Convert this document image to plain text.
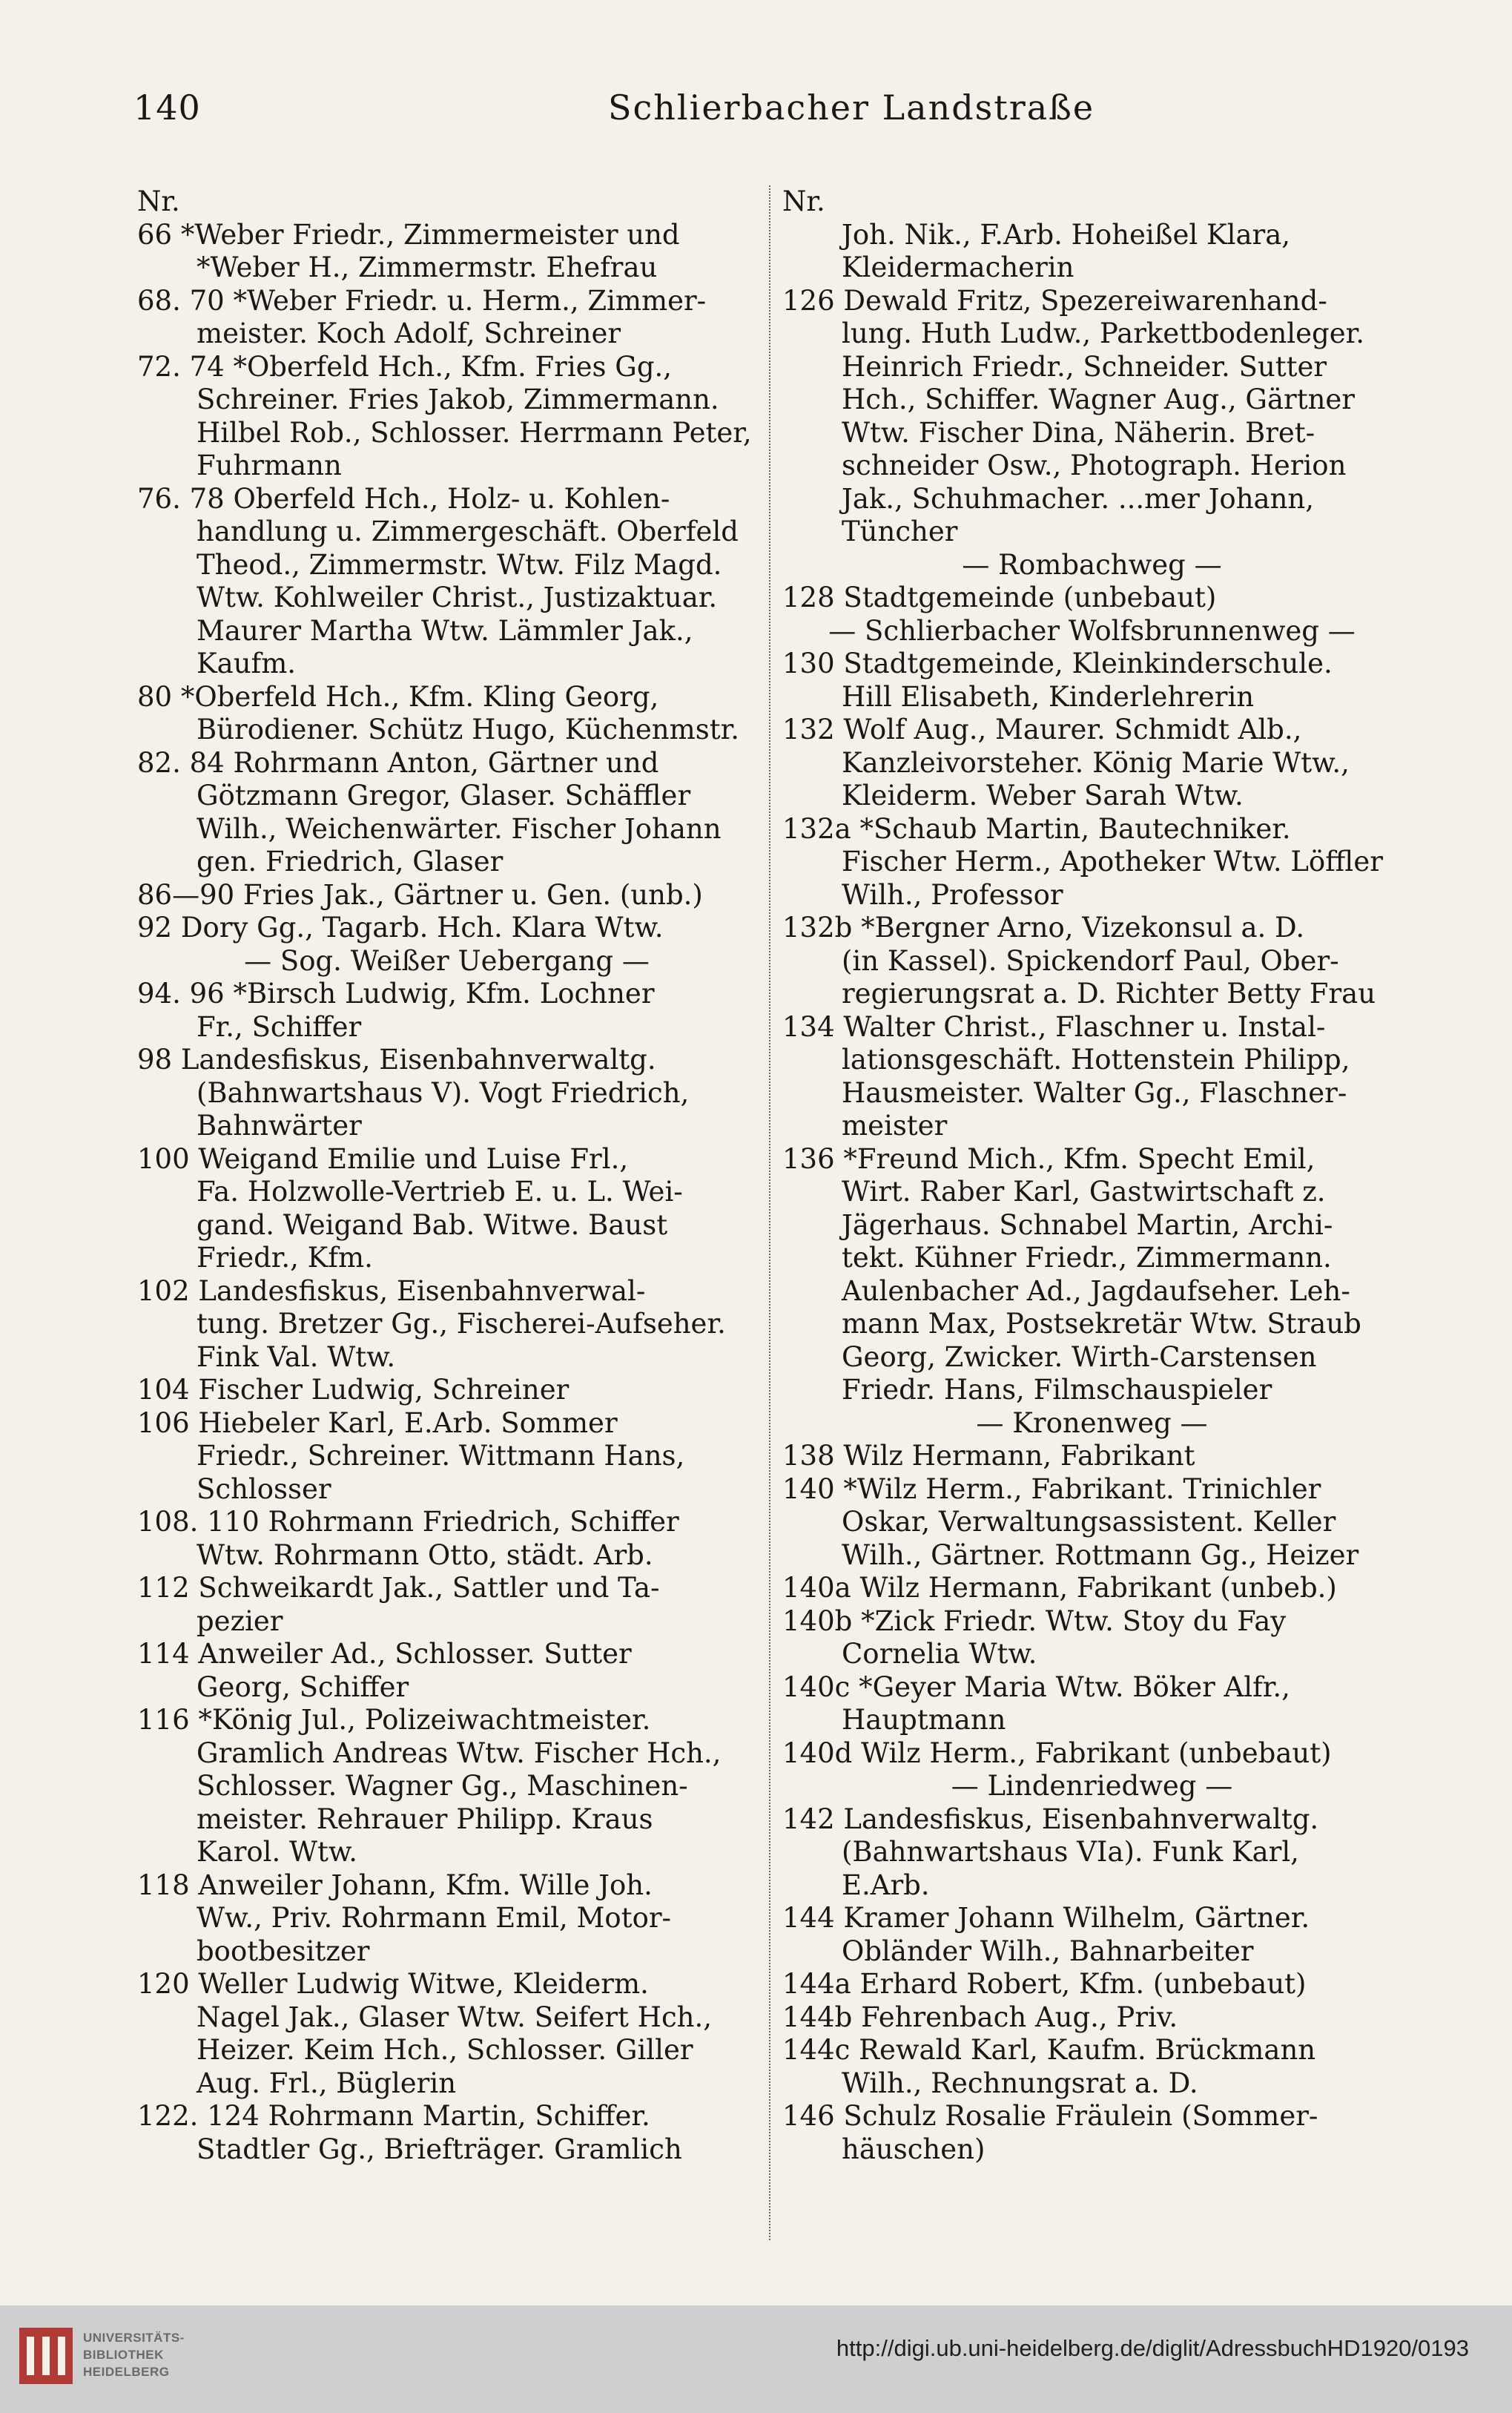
140	Schlierbacher Landstraße
Nr.
66 *Weber Friedr., Zimmermeister und
*Weber H., Zimmermstr. Ehefrau
68. 70 *Weber Friedr. u. Herm., Zimmer-
meister. Koch Adolf, Schreiner
72. 74 *Oberfeld Hch., Kfm. Fries Gg.,
Schreiner. Fries Jakob, Zimmermann.
Hilbel Rob., Schlosser. Herrmann Peter,
Fuhrmann
76. 78 Oberfeld Hch., Holz- u. Kohlen-
handlung u. Zimmergeschäft. Oberfeld
Theod., Zimmermstr. Wtw. Filz Magd.
Wtw. Kohlweiler Christ., Justizaktuar.
Maurer Martha Wtw. Lämmler Jak.,
Kaufm.
80 *Oberfeld Hch., Kfm. Kling Georg,
Bürodiener. Schütz Hugo, Küchenmstr.
82. 84 Rohrmann Anton, Gärtner und
Götzmann Gregor, Glaser. Schäffler
Wilh., Weichenwärter. Fischer Johann
gen. Friedrich, Glaser
86—90 Fries Jak., Gärtner u. Gen. (unb.)
92 Dory Gg., Tagarb. Hch. Klara Wtw.
— Sog. Weißer Uebergang —
94. 96 *Birsch Ludwig, Kfm. Lochner
Fr., Schiffer
98 Landesfiskus, Eisenbahnverwaltg.
(Bahnwartshaus V). Vogt Friedrich,
Bahnwärter
100 Weigand Emilie und Luise Frl.,
Fa. Holzwolle-Vertrieb E. u. L. Wei-
gand. Weigand Bab. Witwe. Baust
Friedr., Kfm.
102 Landesfiskus, Eisenbahnverwal-
tung. Bretzer Gg., Fischerei-Aufseher.
Fink Val. Wtw.
104 Fischer Ludwig, Schreiner
106 Hiebeler Karl, E.Arb. Sommer
Friedr., Schreiner. Wittmann Hans,
Schlosser
108. 110 Rohrmann Friedrich, Schiffer
Wtw. Rohrmann Otto, städt. Arb.
112 Schweikardt Jak., Sattler und Ta-
pezier
114 Anweiler Ad., Schlosser. Sutter
Georg, Schiffer
116 *König Jul., Polizeiwachtmeister.
Gramlich Andreas Wtw. Fischer Hch.,
Schlosser. Wagner Gg., Maschinen-
meister. Rehrauer Philipp. Kraus
Karol. Wtw.
118 Anweiler Johann, Kfm. Wille Joh.
Ww., Priv. Rohrmann Emil, Motor-
bootbesitzer
120 Weller Ludwig Witwe, Kleiderm.
Nagel Jak., Glaser Wtw. Seifert Hch.,
Heizer. Keim Hch., Schlosser. Giller
Aug. Frl., Büglerin
122. 124 Rohrmann Martin, Schiffer.
Stadtler Gg., Briefträger. Gramlich
Nr.
Joh. Nik., F.Arb. Hoheißel Klara,
Kleidermacherin
126 Dewald Fritz, Spezereiwarenhand-
lung. Huth Ludw., Parkettbodenleger.
Heinrich Friedr., Schneider. Sutter
Hch., Schiffer. Wagner Aug., Gärtner
Wtw. Fischer Dina, Näherin. Bret-
schneider Osw., Photograph. Herion
Jak., Schuhmacher. ...mer Johann,
Tüncher
— Rombachweg —
128 Stadtgemeinde (unbebaut)
— Schlierbacher Wolfsbrunnenweg —
130 Stadtgemeinde, Kleinkinderschule.
Hill Elisabeth, Kinderlehrerin
132 Wolf Aug., Maurer. Schmidt Alb.,
Kanzleivorsteher. König Marie Wtw.,
Kleiderm. Weber Sarah Wtw.
132a *Schaub Martin, Bautechniker.
Fischer Herm., Apotheker Wtw. Löffler
Wilh., Professor
132b *Bergner Arno, Vizekonsul a. D.
(in Kassel). Spickendorf Paul, Ober-
regierungsrat a. D. Richter Betty Frau
134 Walter Christ., Flaschner u. Instal-
lationsgeschäft. Hottenstein Philipp,
Hausmeister. Walter Gg., Flaschner-
meister
136 *Freund Mich., Kfm. Specht Emil,
Wirt. Raber Karl, Gastwirtschaft z.
Jägerhaus. Schnabel Martin, Archi-
tekt. Kühner Friedr., Zimmermann.
Aulenbacher Ad., Jagdaufseher. Leh-
mann Max, Postsekretär Wtw. Straub
Georg, Zwicker. Wirth-Carstensen
Friedr. Hans, Filmschauspieler
— Kronenweg —
138 Wilz Hermann, Fabrikant
140 *Wilz Herm., Fabrikant. Trinichler
Oskar, Verwaltungsassistent. Keller
Wilh., Gärtner. Rottmann Gg., Heizer
140a Wilz Hermann, Fabrikant (unbeb.)
140b *Zick Friedr. Wtw. Stoy du Fay
Cornelia Wtw.
140c *Geyer Maria Wtw. Böker Alfr.,
Hauptmann
140d Wilz Herm., Fabrikant (unbebaut)
— Lindenriedweg —
142 Landesfiskus, Eisenbahnverwaltg.
(Bahnwartshaus VIa). Funk Karl,
E.Arb.
144 Kramer Johann Wilhelm, Gärtner.
Obländer Wilh., Bahnarbeiter
144a Erhard Robert, Kfm. (unbebaut)
144b Fehrenbach Aug., Priv.
144c Rewald Karl, Kaufm. Brückmann
Wilh., Rechnungsrat a. D.
146 Schulz Rosalie Fräulein (Sommer-
häuschen)
UNIVERSITÄTS-
BIBLIOTHEK
HEIDELBERG
http://digi.ub.uni-heidelberg.de/diglit/AdressbuchHD1920/0193
